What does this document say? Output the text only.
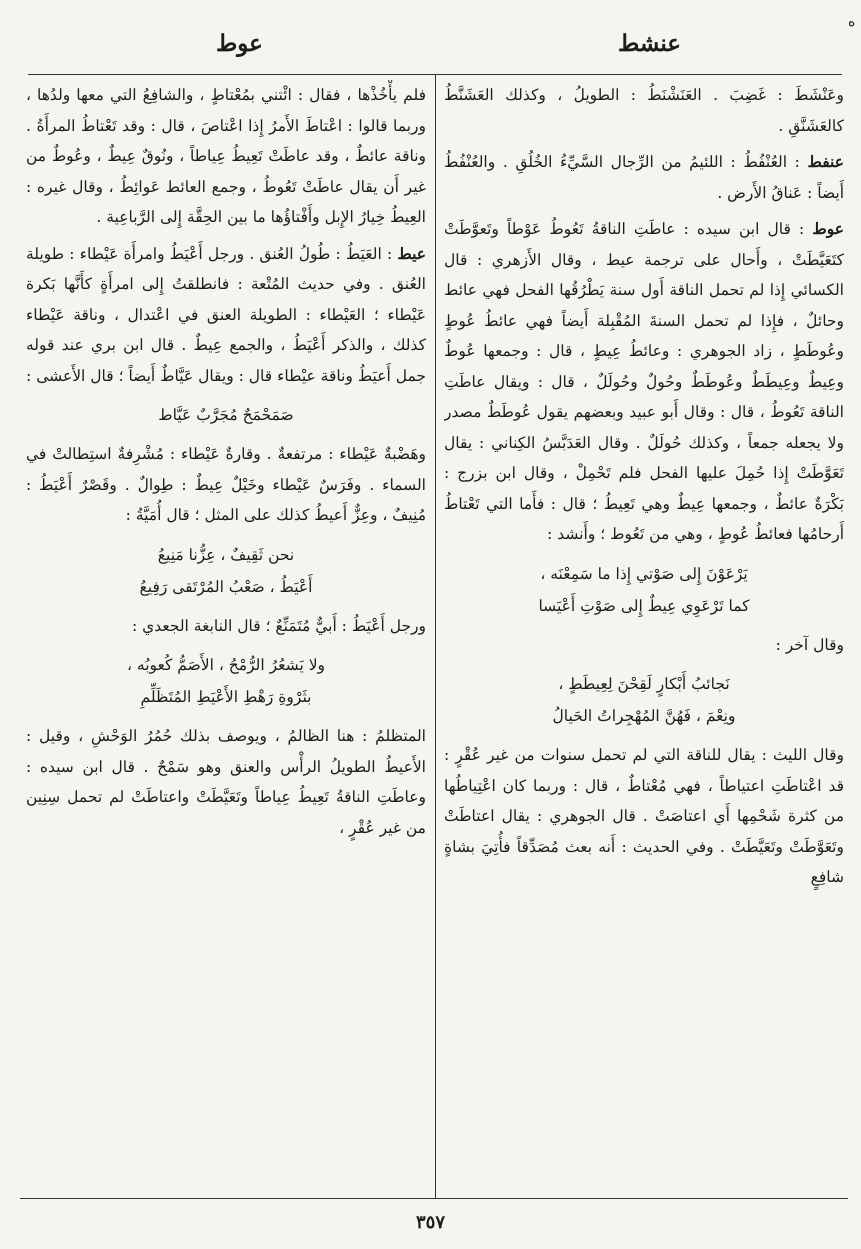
ه
عنشط
عوط

وعَنْشَطَ : غَضِبَ . العَنَشْنَطُ : الطويلُ ، وكذلك العَشَنَّطُ كالعَشَنَّقِ .

عنفط : العُنْفُطُ : اللئيمُ من الرِّجال السَّيِّءُ الخُلُقِ . والعُنْفُطُ أَيضاً : عَناقُ الأَرض .

عوط : قال ابن سيده : عاطَتِ الناقةُ تَعُوطُ عَوْطاً وتَعوَّطَتْ كتَعَيَّطَتْ ، وأَحال على ترجمة عيط ، وقال الأَزهري : قال الكسائي إِذا لم تحمل الناقة أَول سنة يَطْرُقُها الفحل فهي عائط وحائلٌ ، فإِذا لم تحمل السنةَ المُقْبِلة أَيضاً فهي عائطُ عُوطٍ وعُوطَطٍ ، زاد الجوهري : وعائطُ عِيطٍ ، قال : وجمعها عُوطٌ وعِيطٌ وعِيطَطٌ وعُوطَطٌ وحُولٌ وحُولَلٌ ، قال : ويقال عاطَتِ الناقة تَعُوطُ ، قال : وقال أَبو عبيد وبعضهم يقول عُوطَطٌ مصدر ولا يجعله جمعاً ، وكذلك حُولَلٌ . وقال العَدَبَّسُ الكِناني : يقال تَعَوَّطَتْ إِذا حُمِلَ عليها الفحل فلم تَحْمِلْ ، وقال ابن بزرج : بَكْرَةٌ عائطٌ ، وجمعها عِيطٌ وهي تَعِيطُ ؛ قال : فأَما التي تَعْتاطُ أَرحامُها فعائطُ عُوطٍ ، وهي من تَعُوط ؛ وأَنشد :

يَرْعَوْنَ إِلى صَوْتي إِذا ما سَمِعْنَه ،
كما تَرْعَوِي عِيطٌ إِلى صَوْتِ أَعْيَسا

وقال آخر :

نَجائبُ أَبْكارٍ لَقِحْنَ لِعِيطَطٍ ،
ونِعْمَ ، فَهُنَّ المُهْجِراتُ الحَيالُ

وقال الليث : يقال للناقة التي لم تحمل سنوات من غير عُقْرٍ : قد اعْتاطَتِ اعتياطاً ، فهي مُعْتاطٌ ، قال : وربما كان اعْتِياطُها من كثرة شَحْمِها أَي اعتاصَتْ . قال الجوهري : يقال اعتاطَتْ وتَعَوَّطَتْ وتَعَيَّطَتْ . وفي الحديث : أَنه بعث مُصَدِّقاً فأُتِيَ بشاةٍ شافِعٍ

فلم يأْخُذْها ، فقال : ائْتني بمُعْتاطٍ ، والشافِعُ التي معها ولدُها ، وربما قالوا : اعْتاطَ الأَمرُ إِذا اعْتاصَ ، قال : وقد تَعْتاطُ المرأَةُ . وناقة عائطٌ ، وقد عاطَتْ تَعِيطُ عِياطاً ، ونُوقٌ عِيطٌ ، وعُوطٌ من غير أَن يقال عاطَتْ تَعُوطُ ، وجمع العائط عَوائِطُ ، وقال غيره : العِيطُ خِيارُ الإِبل وأَفْتاؤُها ما بين الحِقَّة إِلى الرَّباعِية .

عيط : العَيَطُ : طُولُ العُنق . ورجل أَعْيَطُ وامرأَة عَيْطاء : طويلة العُنق . وفي حديث المُتْعة : فانطلقتُ إِلى امرأَةٍ كأَنَّها بَكرة عَيْطاء ؛ العَيْطاء : الطويلة العنق في اعْتدال ، وناقة عَيْطاء كذلك ، والذكر أَعْيَطُ ، والجمع عِيطٌ . قال ابن بري عند قوله جمل أَعيَطُ وناقة عيْطاء قال : ويقال عَيَّاطٌ أَيضاً ؛ قال الأَعشى :

صَمَحْمَحٌ مُجَرَّبٌ عَيَّاط

وهَضْبةٌ عَيْطاء : مرتفعةٌ . وقارةٌ عَيْطاء : مُشْرِفةٌ استِطالتْ في السماء . وفَرَسٌ عَيْطاء وخَيْلٌ عِيطٌ : طِوالٌ . وقَصْرٌ أَعْيَطُ : مُنِيفٌ ، وعِزٌّ أَعيطُ كذلك على المثل ؛ قال أُمَيَّةُ :

نحن ثَقِيفٌ ، عِزُّنا مَنِيعُ
أَعْيَطُ ، صَعْبُ المُرْتَقى رَفِيعُ

ورجل أَعْيَطُ : أَبيٌّ مُتَمَنِّعٌ ؛ قال النابغة الجعدي :

ولا يَشعُرُ الرُّمْحُ ، الأَصَمُّ كُعوبُه ،
بثَرْوةِ رَهْطِ الأَعْيَطِ المُتَظَلِّمِ

المتظلمُ : هنا الظالمُ ، ويوصف بذلك حُمُرُ الوَحْشِ ، وقيل : الأَعيطُ الطويلُ الرأْس والعنق وهو سَمْحٌ . قال ابن سيده : وعاطَتِ الناقةُ تَعِيطُ عِياطاً وتَعَيَّطَتْ واعتاطَتْ لم تحمل سِنِين من غير عُقْرٍ ،

٣٥٧
